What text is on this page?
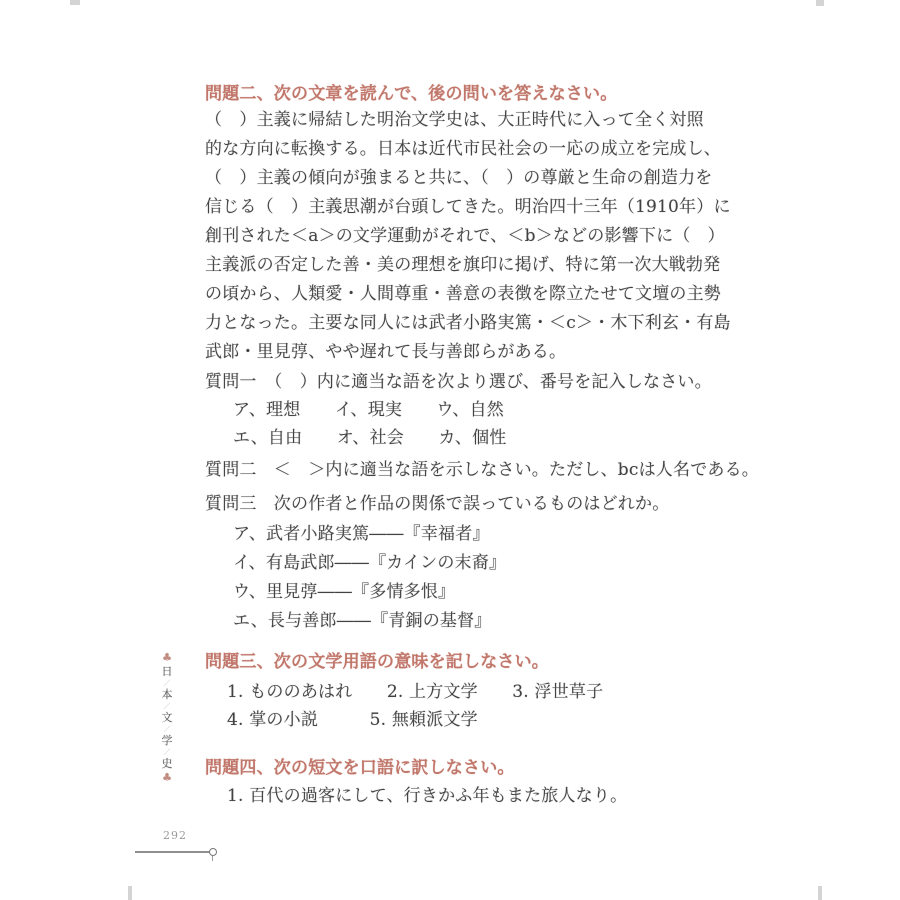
問題二、次の文章を読んで、後の問いを答えなさい。
（　）主義に帰結した明治文学史は、大正時代に入って全く対照
的な方向に転換する。日本は近代市民社会の一応の成立を完成し、
（　）主義の傾向が強まると共に、（　）の尊厳と生命の創造力を
信じる（　）主義思潮が台頭してきた。明治四十三年（1910年）に
創刊された＜a＞の文学運動がそれで、＜b＞などの影響下に（　）
主義派の否定した善・美の理想を旗印に掲げ、特に第一次大戦勃発
の頃から、人類愛・人間尊重・善意の表徴を際立たせて文壇の主勢
力となった。主要な同人には武者小路実篤・＜c＞・木下利玄・有島
武郎・里見弴、やや遅れて長与善郎らがある。
質問一　（　）内に適当な語を次より選び、番号を記入しなさい。
ア、理想　　イ、現実　　ウ、自然
エ、自由　　オ、社会　　カ、個性
質問二　＜　＞内に適当な語を示しなさい。ただし、bcは人名である。
質問三　次の作者と作品の関係で誤っているものはどれか。
ア、武者小路実篤――『幸福者』
イ、有島武郎――『カインの末裔』
ウ、里見弴――『多情多恨』
エ、長与善郎――『青銅の基督』
問題三、次の文学用語の意味を記しなさい。
1. もののあはれ　　2. 上方文学　　3. 浮世草子
4. 掌の小説　　　5. 無頼派文学
問題四、次の短文を口語に訳しなさい。
1. 百代の過客にして、行きかふ年もまた旅人なり。
♣
日
／
本
／
文
／
学
／
史
♣
292
